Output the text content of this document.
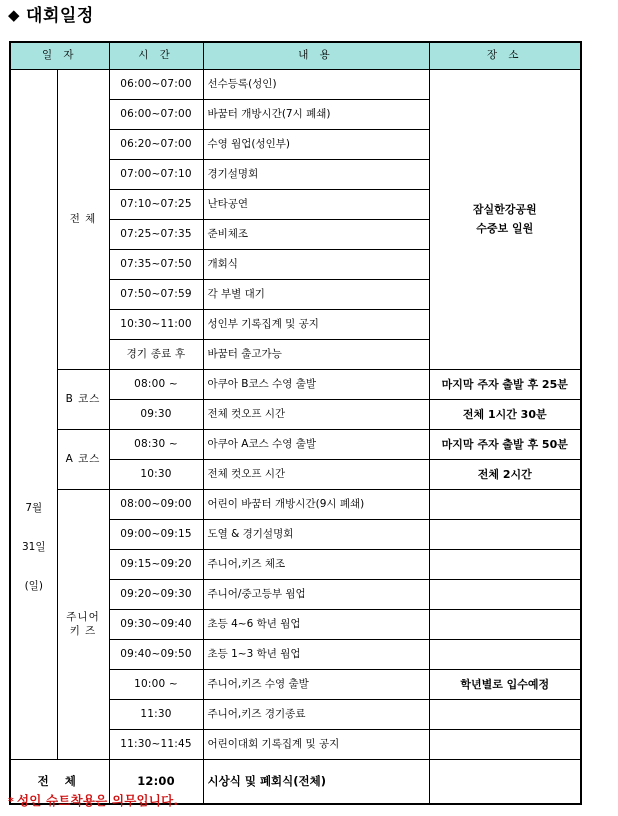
◆ 대회일정
일 자		시 간	내 용	장 소

7월
31일
(일)
	전 체	06:00~07:00	선수등록(성인)	
잠실한강공원
수중보 일원

		06:00~07:00	바꿈터 개방시간(7시 폐쇄)	
		06:20~07:00	수영 웜업(성인부)	
		07:00~07:10	경기설명회	
		07:10~07:25	난타공연	
		07:25~07:35	준비체조	
		07:35~07:50	개회식	
		07:50~07:59	각 부별 대기	
		10:30~11:00	성인부 기록집계 및 공지	
		경기 종료 후	바꿈터 출고가능	
	B 코스	08:00 ~	아쿠아 B코스 수영 출발	마지막 주자 출발 후 25분
		09:30	전체 컷오프 시간	전체 1시간 30분
	A 코스	08:30 ~	아쿠아 A코스 수영 출발	마지막 주자 출발 후 50분
		10:30	전체 컷오프 시간	전체 2시간

	주니어
키 즈	08:00~09:00	어린이 바꿈터 개방시간(9시 폐쇄)	
		09:00~09:15	도열 & 경기설명회	
		09:15~09:20	주니어,키즈 체조	
		09:20~09:30	주니어/중고등부 웜업	
		09:30~09:40	초등 4~6 학년 웜업	
		09:40~09:50	초등 1~3 학년 웜업	
		10:00 ~	주니어,키즈 수영 출발	학년별로 입수예정
		11:30	주니어,키즈 경기종료	
		11:30~11:45	어린이대회 기록집계 및 공지	
전 체		12:00	시상식 및 폐회식(전체)	
* 성인 슈트착용은 의무입니다.
